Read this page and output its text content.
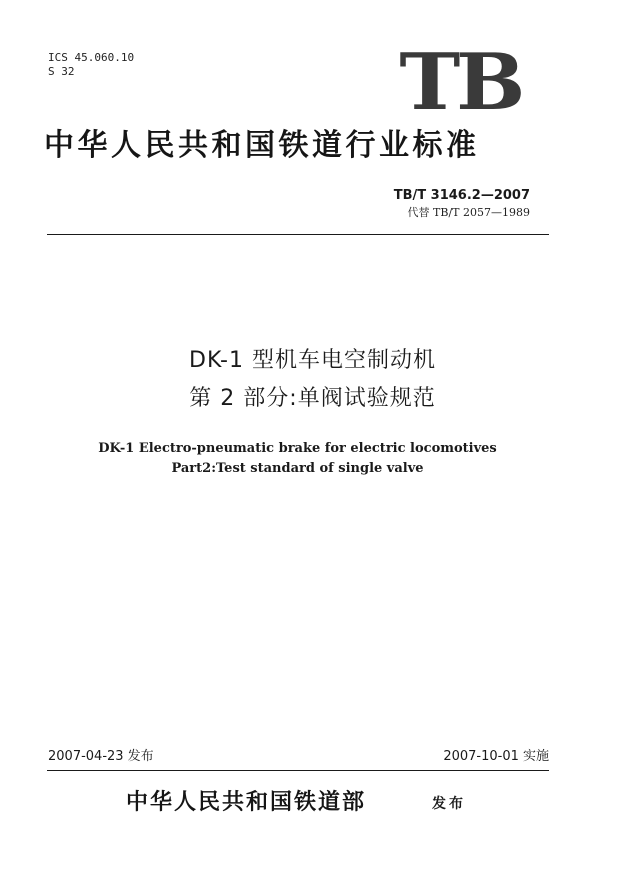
ICS 45.060.10
S 32	TB
中华人民共和国铁道行业标准
TB/T 3146.2—2007
代替 TB/T 2057—1989
DK-1 型机车电空制动机
第 2 部分:单阀试验规范
DK-1 Electro-pneumatic brake for electric locomotives
Part2:Test standard of single valve
2007-04-23 发布	2007-10-01 实施
中华人民共和国铁道部	发布
